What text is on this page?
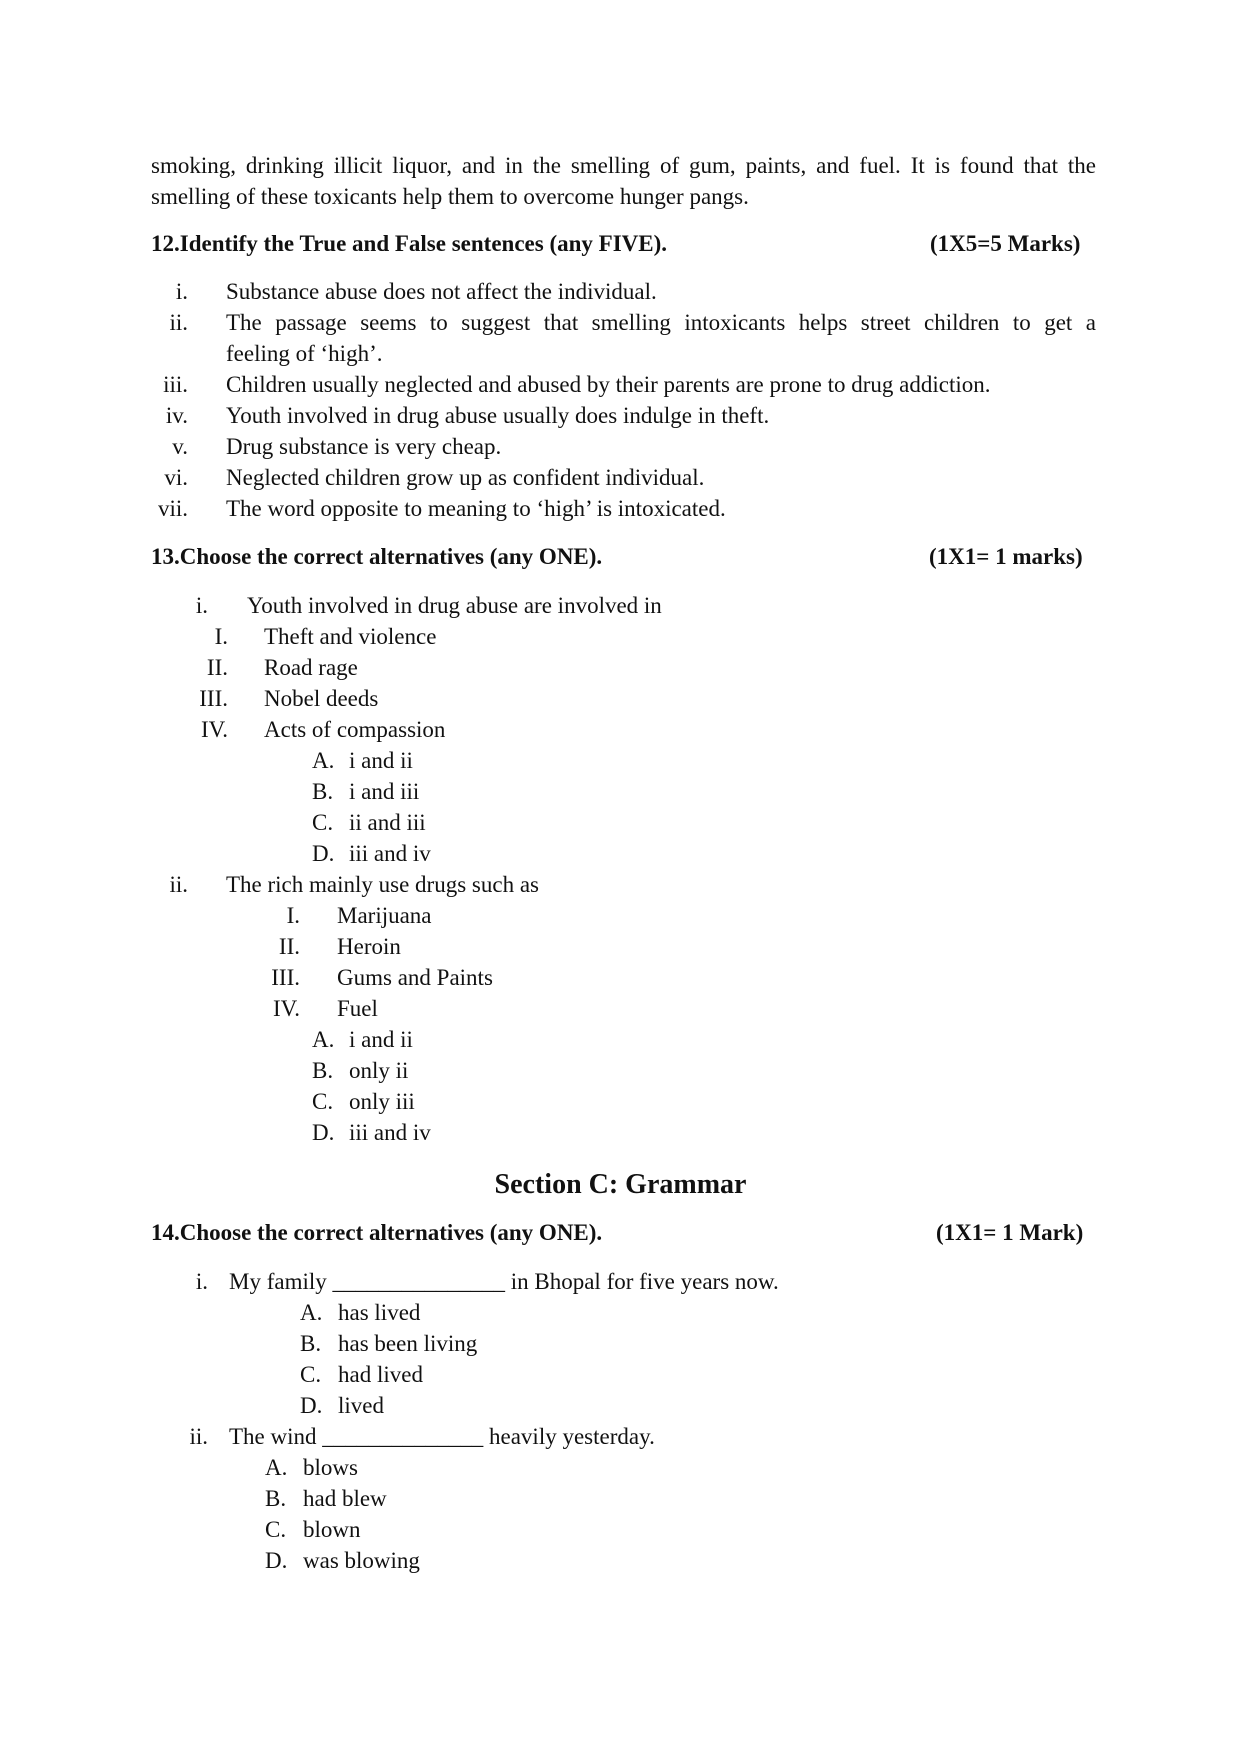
smoking, drinking illicit liquor, and in the smelling of gum, paints, and fuel. It is found that the
smelling of these toxicants help them to overcome hunger pangs.
12.Identify the True and False sentences (any FIVE).	(1X5=5 Marks)
i. Substance abuse does not affect the individual.
ii. The passage seems to suggest that smelling intoxicants helps street children to get a
feeling of ‘high’.
iii. Children usually neglected and abused by their parents are prone to drug addiction.
iv. Youth involved in drug abuse usually does indulge in theft.
v. Drug substance is very cheap.
vi. Neglected children grow up as confident individual.
vii. The word opposite to meaning to ‘high’ is intoxicated.
13.Choose the correct alternatives (any ONE).	(1X1= 1 marks)
i. Youth involved in drug abuse are involved in
I. Theft and violence
II. Road rage
III. Nobel deeds
IV. Acts of compassion
A. i and ii
B. i and iii
C. ii and iii
D. iii and iv
ii. The rich mainly use drugs such as
I. Marijuana
II. Heroin
III. Gums and Paints
IV. Fuel
A. i and ii
B. only ii
C. only iii
D. iii and iv
Section C: Grammar
14.Choose the correct alternatives (any ONE).	(1X1= 1 Mark)
i. My family _______________ in Bhopal for five years now.
A. has lived
B. has been living
C. had lived
D. lived
ii. The wind ______________ heavily yesterday.
A. blows
B. had blew
C. blown
D. was blowing
